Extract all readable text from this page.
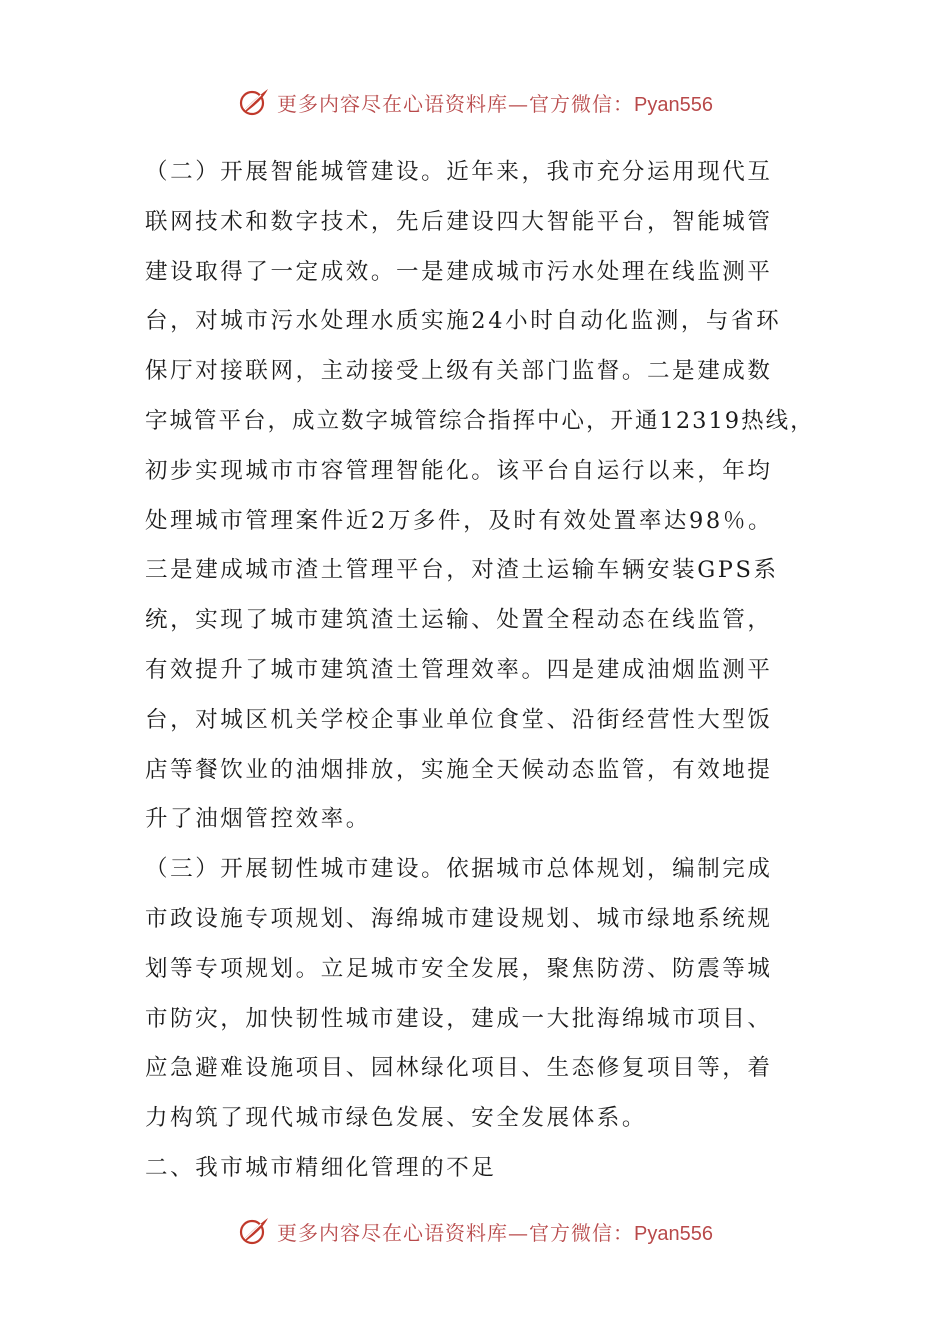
更多内容尽在心语资料库—官方微信：Pyan556
（二）开展智能城管建设。近年来，我市充分运用现代互
联网技术和数字技术，先后建设四大智能平台，智能城管
建设取得了一定成效。一是建成城市污水处理在线监测平
台，对城市污水处理水质实施24小时自动化监测，与省环
保厅对接联网，主动接受上级有关部门监督。二是建成数
字城管平台，成立数字城管综合指挥中心，开通12319热线，
初步实现城市市容管理智能化。该平台自运行以来，年均
处理城市管理案件近2万多件，及时有效处置率达98％。
三是建成城市渣土管理平台，对渣土运输车辆安装GPS系
统，实现了城市建筑渣土运输、处置全程动态在线监管，
有效提升了城市建筑渣土管理效率。四是建成油烟监测平
台，对城区机关学校企事业单位食堂、沿街经营性大型饭
店等餐饮业的油烟排放，实施全天候动态监管，有效地提
升了油烟管控效率。
（三）开展韧性城市建设。依据城市总体规划，编制完成
市政设施专项规划、海绵城市建设规划、城市绿地系统规
划等专项规划。立足城市安全发展，聚焦防涝、防震等城
市防灾，加快韧性城市建设，建成一大批海绵城市项目、
应急避难设施项目、园林绿化项目、生态修复项目等，着
力构筑了现代城市绿色发展、安全发展体系。
二、我市城市精细化管理的不足
更多内容尽在心语资料库—官方微信：Pyan556
